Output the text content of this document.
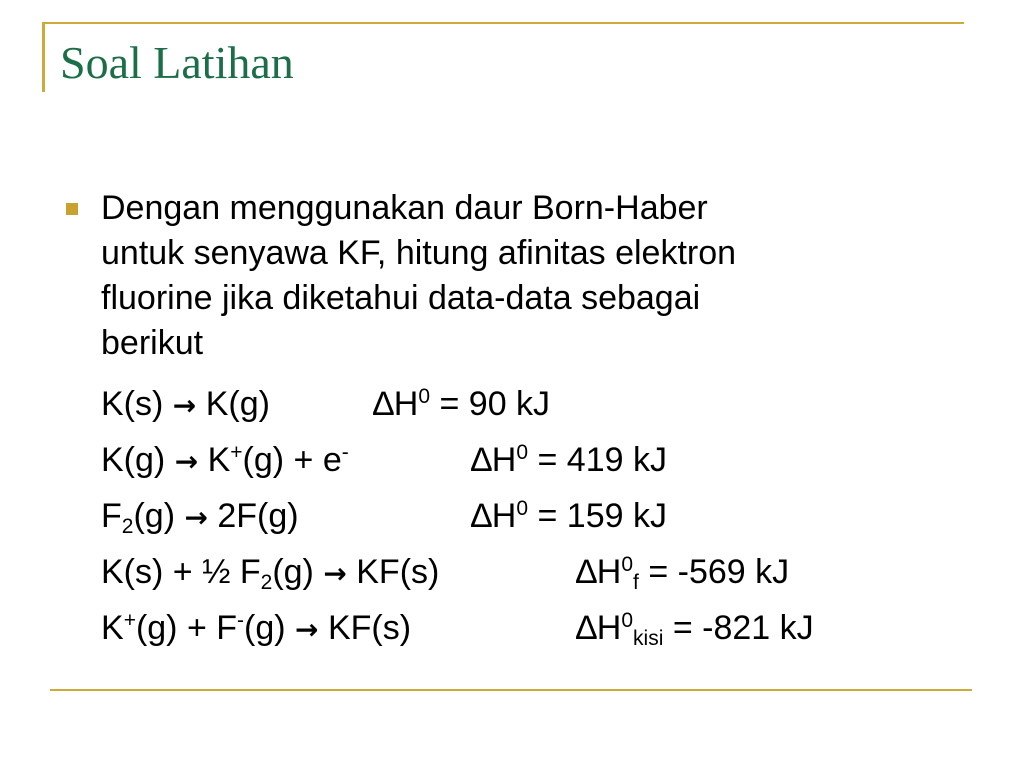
Soal Latihan
Dengan menggunakan daur Born-Haber
untuk senyawa KF, hitung afinitas elektron
fluorine jika diketahui data-data sebagai
berikut
K(s) → K(g)	$\Delta H^0 = 90$ kJ
K(g) → K+(g) + e-	$\Delta H^0 = 419$ kJ
$F_2(g) \to 2F(g)$	$\Delta H^0 = 159$ kJ
K(s) + ½ $F_2(g) \to KF(s)$	$\Delta H^0_f = -569$ kJ
K+(g) + F-(g) → KF(s)	$\Delta H^0_{kisi} = -821$ kJ
